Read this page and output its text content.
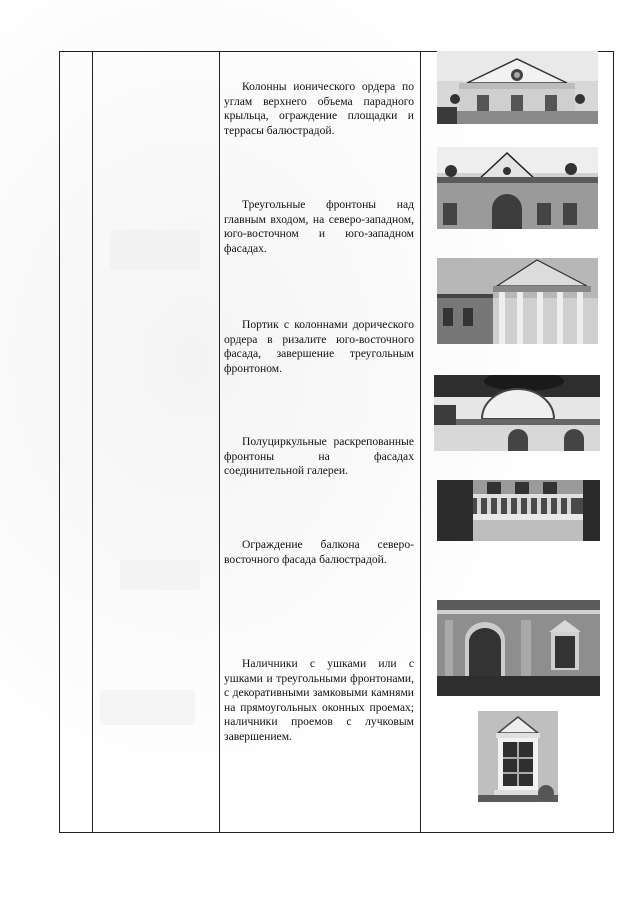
Колонны ионического ордера по углам верхнего объема парадного крыльца, ограждение площадки и террасы балюстрадой.
Треугольные фронтоны над главным входом, на северо-западном, юго-восточном и юго-западном фасадах.
Портик с колоннами дорического ордера в ризалите юго-восточного фасада, завершение треугольным фронтоном.
Полуциркульные раскрепованные фронтоны на фасадах соединительной галереи.
Ограждение балкона северо-восточного фасада балюстрадой.
Наличники с ушками или с ушками и треугольными фронтонами, с декоративными замковыми камнями на прямоугольных оконных проемах; наличники проемов с лучковым завершением.
